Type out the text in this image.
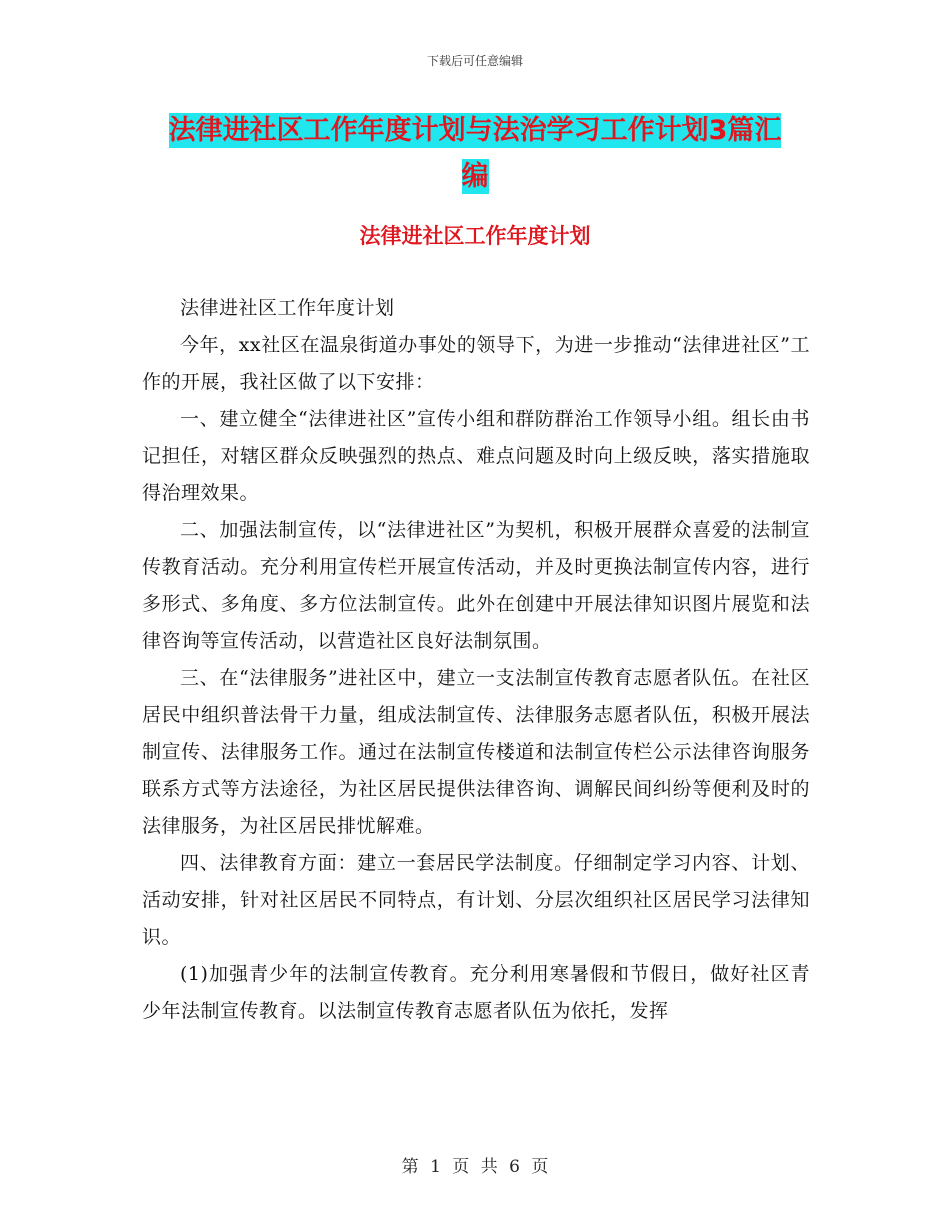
下载后可任意编辑
法律进社区工作年度计划与法治学习工作计划3篇汇
编
法律进社区工作年度计划

法律进社区工作年度计划

今年，xx社区在温泉街道办事处的领导下，为进一步推动“法律进社区”工作的开展，我社区做了以下安排：

一、建立健全“法律进社区”宣传小组和群防群治工作领导小组。组长由书记担任，对辖区群众反映强烈的热点、难点问题及时向上级反映，落实措施取得治理效果。

二、加强法制宣传，以“法律进社区”为契机，积极开展群众喜爱的法制宣传教育活动。充分利用宣传栏开展宣传活动，并及时更换法制宣传内容，进行多形式、多角度、多方位法制宣传。此外在创建中开展法律知识图片展览和法律咨询等宣传活动，以营造社区良好法制氛围。

三、在“法律服务”进社区中，建立一支法制宣传教育志愿者队伍。在社区居民中组织普法骨干力量，组成法制宣传、法律服务志愿者队伍，积极开展法制宣传、法律服务工作。通过在法制宣传楼道和法制宣传栏公示法律咨询服务联系方式等方法途径，为社区居民提供法律咨询、调解民间纠纷等便利及时的法律服务，为社区居民排忧解难。

四、法律教育方面：建立一套居民学法制度。仔细制定学习内容、计划、活动安排，针对社区居民不同特点，有计划、分层次组织社区居民学习法律知识。

(1)加强青少年的法制宣传教育。充分利用寒暑假和节假日，做好社区青少年法制宣传教育。以法制宣传教育志愿者队伍为依托，发挥

第 1 页 共 6 页
